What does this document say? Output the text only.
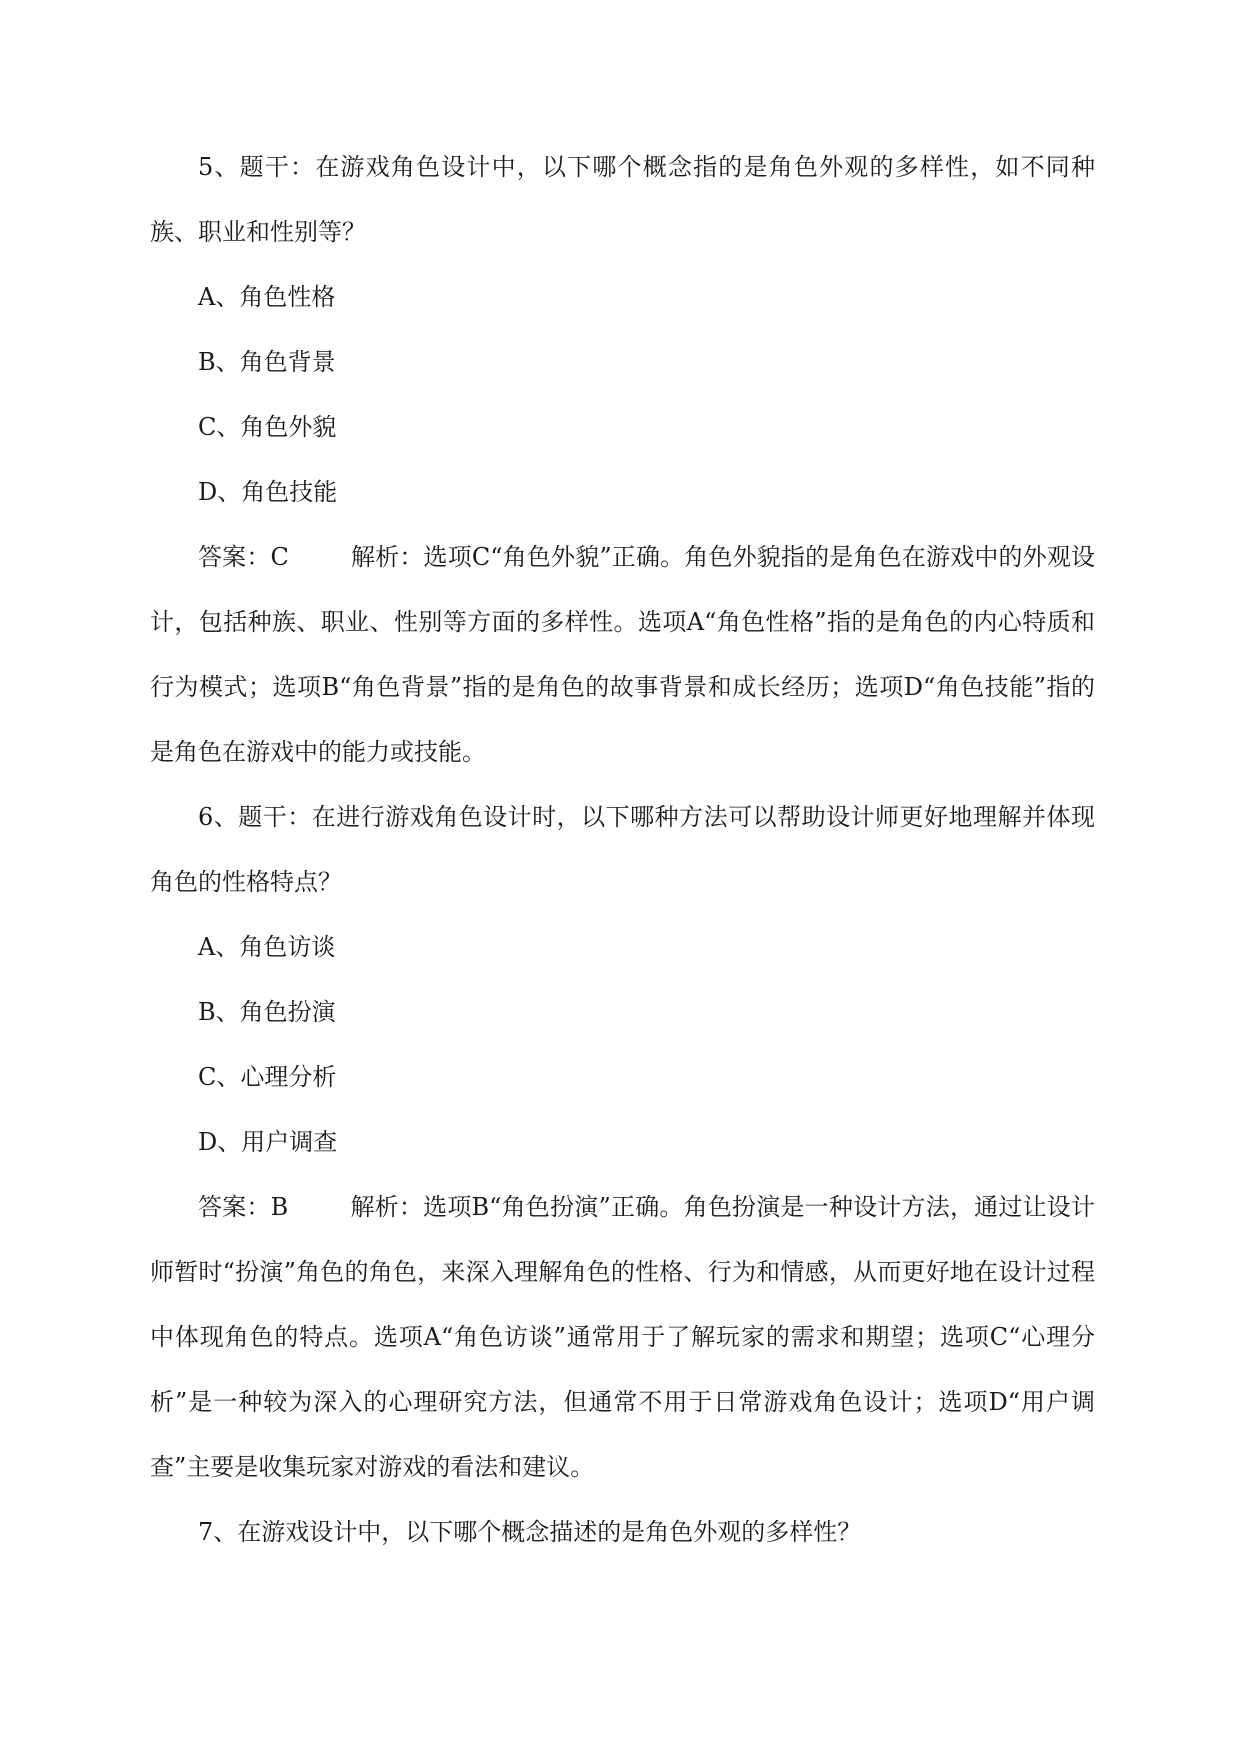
5、题干：在游戏角色设计中，以下哪个概念指的是角色外观的多样性，如不同种族、职业和性别等？

A、角色性格

B、角色背景

C、角色外貌

D、角色技能

答案：C	解析：选项C“角色外貌”正确。角色外貌指的是角色在游戏中的外观设计，包括种族、职业、性别等方面的多样性。选项A“角色性格”指的是角色的内心特质和行为模式；选项B“角色背景”指的是角色的故事背景和成长经历；选项D“角色技能”指的是角色在游戏中的能力或技能。

6、题干：在进行游戏角色设计时，以下哪种方法可以帮助设计师更好地理解并体现角色的性格特点？

A、角色访谈

B、角色扮演

C、心理分析

D、用户调查

答案：B	解析：选项B“角色扮演”正确。角色扮演是一种设计方法，通过让设计师暂时“扮演”角色的角色，来深入理解角色的性格、行为和情感，从而更好地在设计过程中体现角色的特点。选项A“角色访谈”通常用于了解玩家的需求和期望；选项C“心理分析”是一种较为深入的心理研究方法，但通常不用于日常游戏角色设计；选项D“用户调查”主要是收集玩家对游戏的看法和建议。

7、在游戏设计中，以下哪个概念描述的是角色外观的多样性？
